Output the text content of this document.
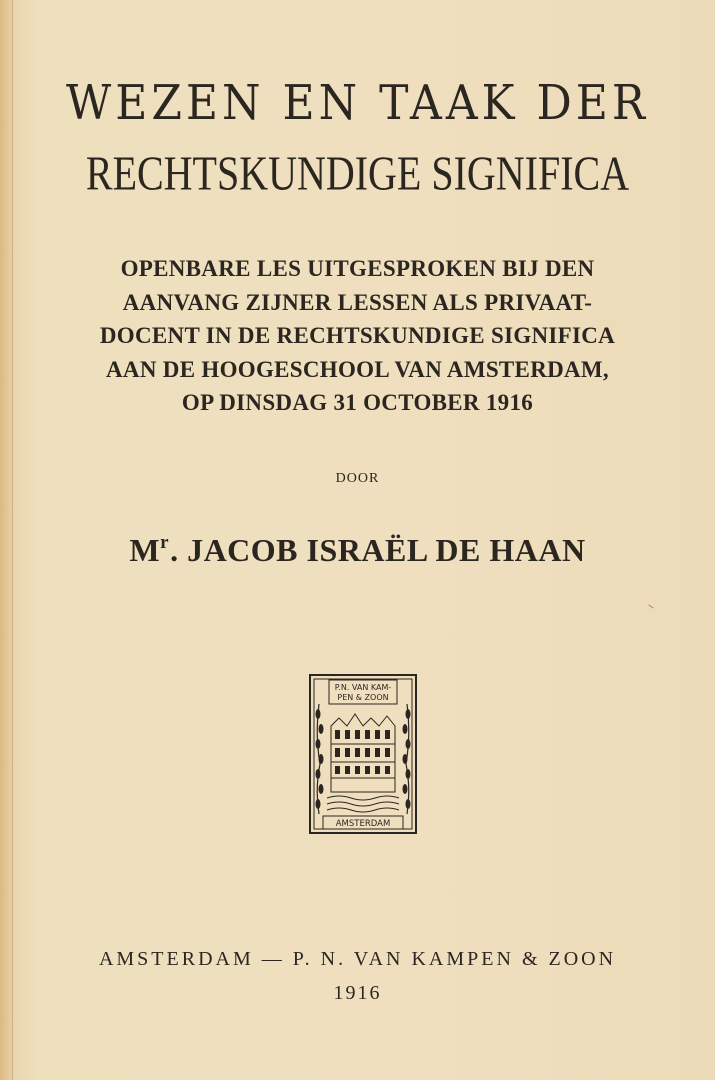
WEZEN EN TAAK DER
RECHTSKUNDIGE SIGNIFICA
OPENBARE LES UITGESPROKEN BIJ DEN
AANVANG ZIJNER LESSEN ALS PRIVAAT-
DOCENT IN DE RECHTSKUNDIGE SIGNIFICA
AAN DE HOOGESCHOOL VAN AMSTERDAM,
OP DINSDAG 31 OCTOBER 1916
DOOR
$M^r$. JACOB ISRAËL DE HAAN
P.N. VAN KAM-
PEN & ZOON
AMSTERDAM
AMSTERDAM — P. N. VAN KAMPEN & ZOON
1916
